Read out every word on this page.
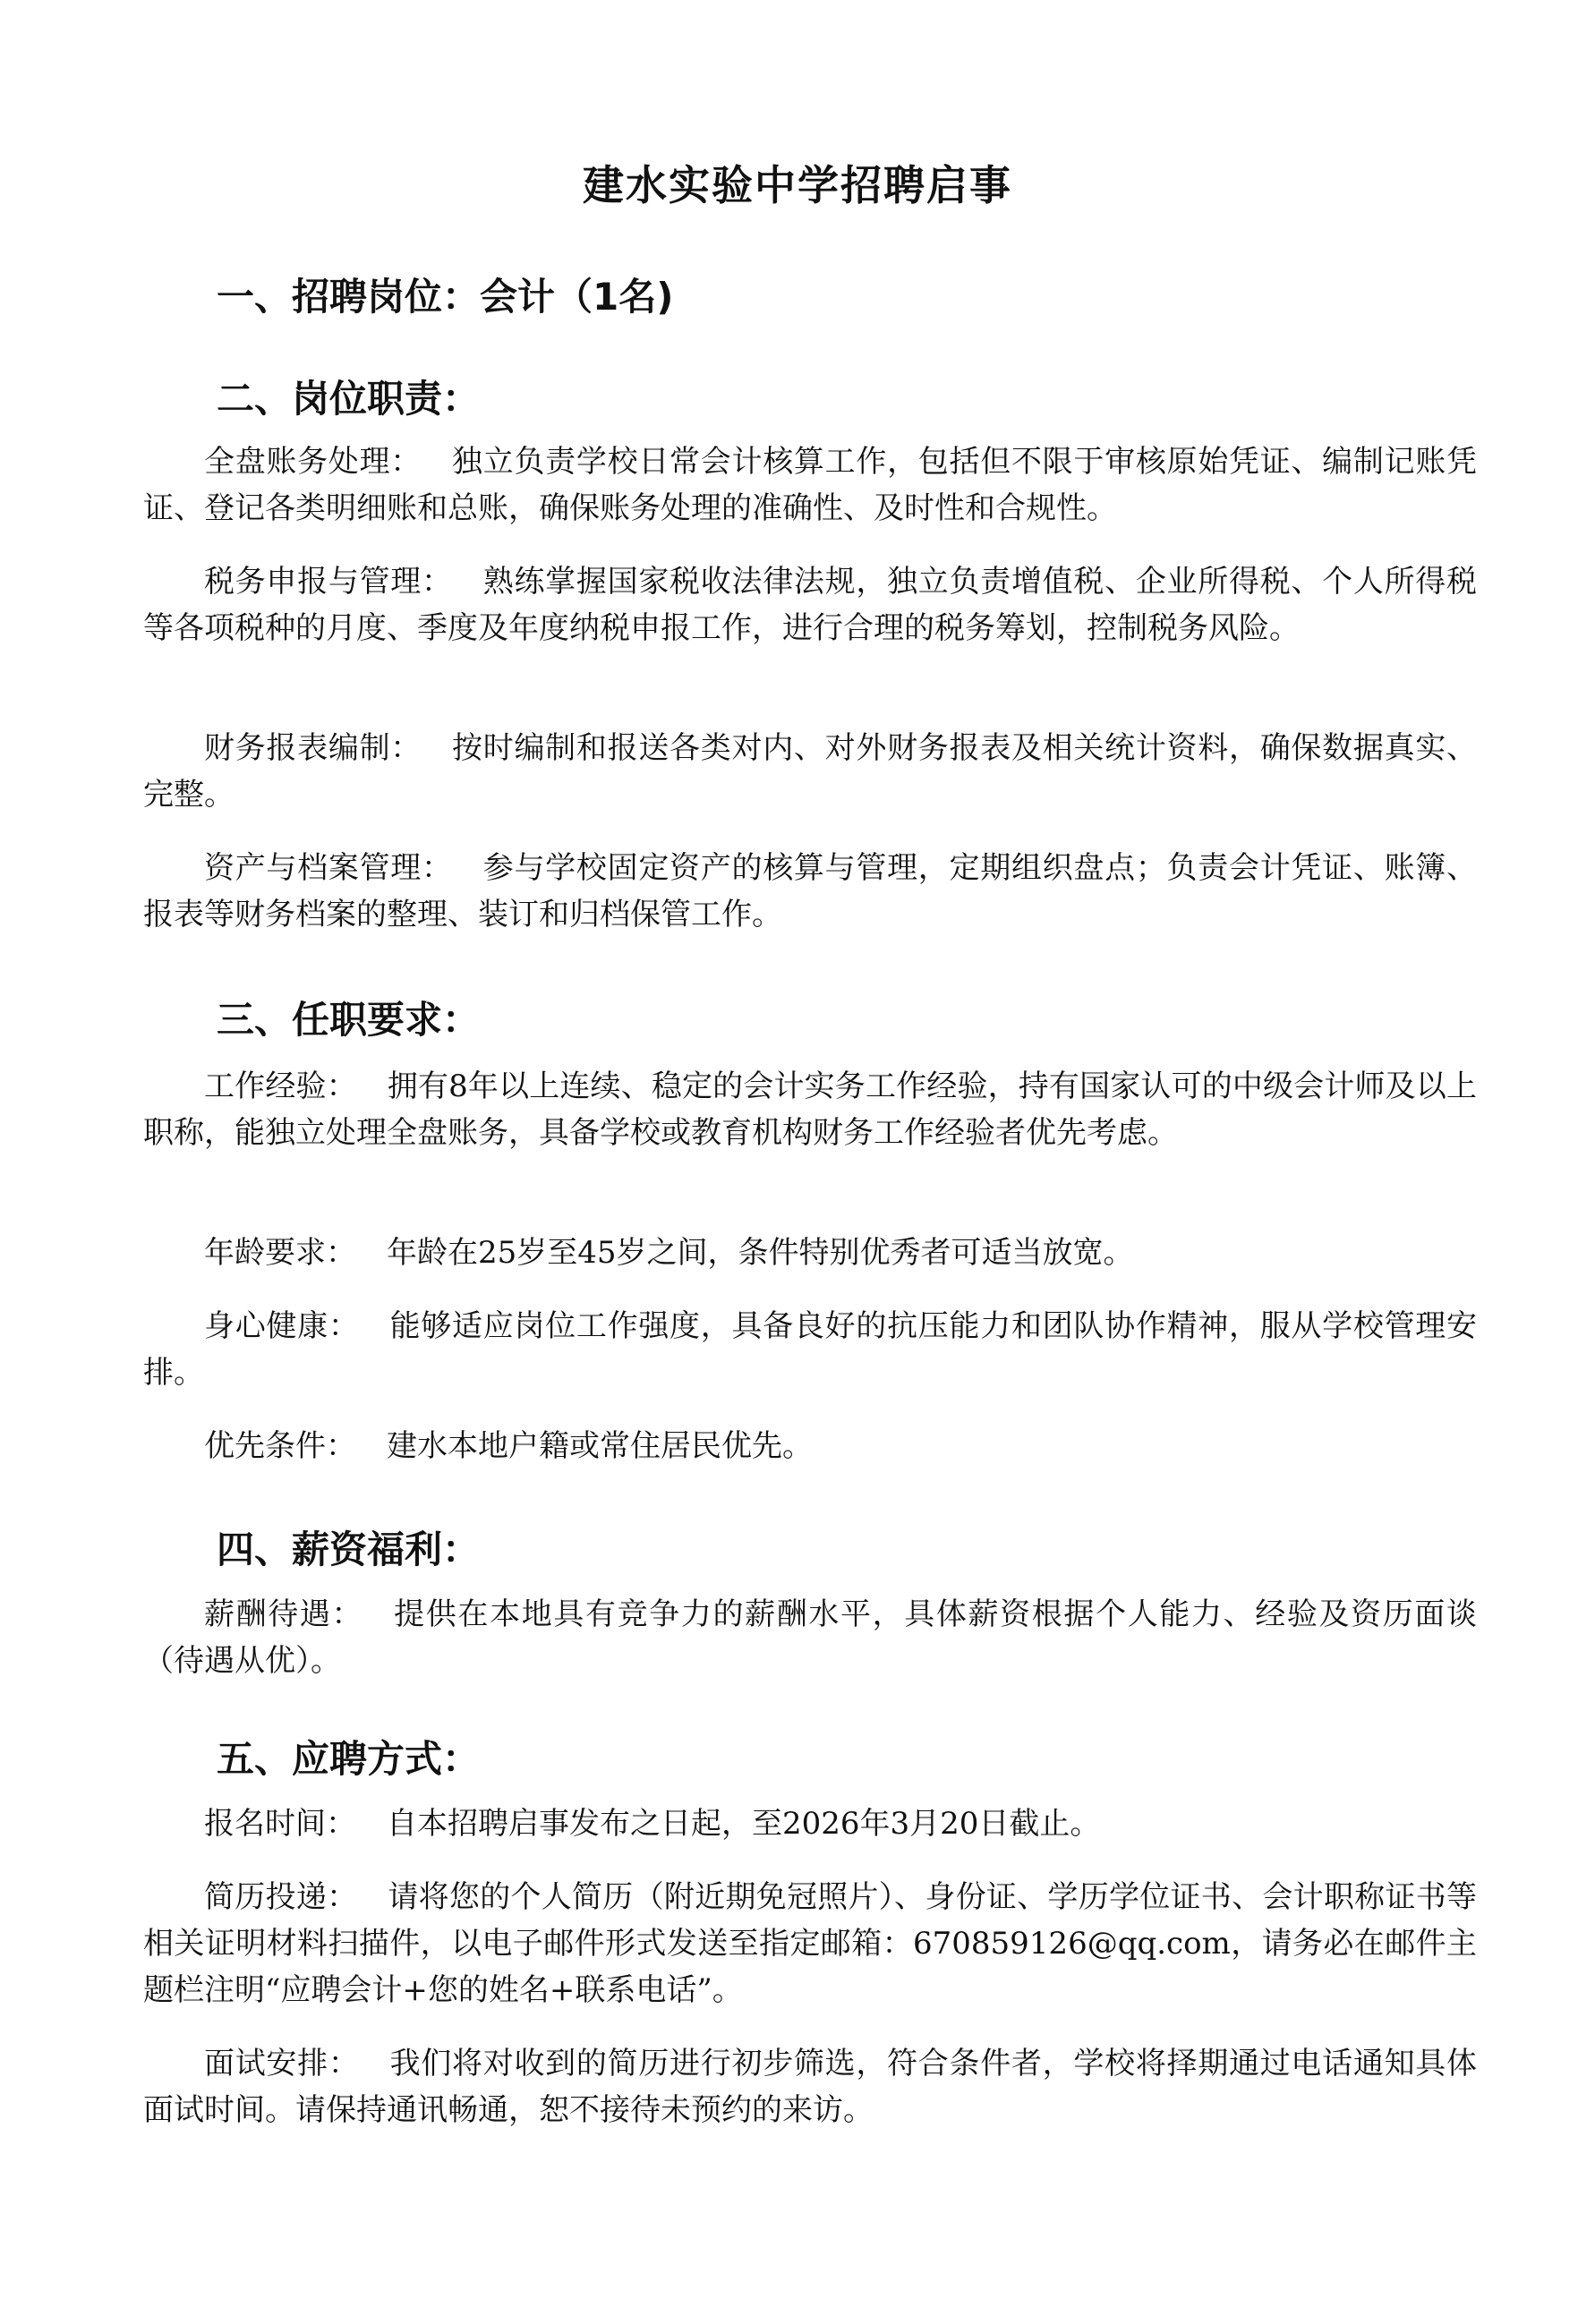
建水实验中学招聘启事
一、招聘岗位：会计（1名)
二、岗位职责：

全盘账务处理： 独立负责学校日常会计核算工作，包括但不限于审核原始凭证、编制记账凭证、登记各类明细账和总账，确保账务处理的准确性、及时性和合规性。

税务申报与管理： 熟练掌握国家税收法律法规，独立负责增值税、企业所得税、个人所得税等各项税种的月度、季度及年度纳税申报工作，进行合理的税务筹划，控制税务风险。

财务报表编制： 按时编制和报送各类对内、对外财务报表及相关统计资料，确保数据真实、完整。

资产与档案管理： 参与学校固定资产的核算与管理，定期组织盘点；负责会计凭证、账簿、报表等财务档案的整理、装订和归档保管工作。

三、任职要求：

工作经验： 拥有8年以上连续、稳定的会计实务工作经验，持有国家认可的中级会计师及以上职称，能独立处理全盘账务，具备学校或教育机构财务工作经验者优先考虑。

年龄要求： 年龄在25岁至45岁之间，条件特别优秀者可适当放宽。

身心健康： 能够适应岗位工作强度，具备良好的抗压能力和团队协作精神，服从学校管理安排。

优先条件： 建水本地户籍或常住居民优先。

四、薪资福利：

薪酬待遇： 提供在本地具有竞争力的薪酬水平，具体薪资根据个人能力、经验及资历面谈（待遇从优）。

五、应聘方式：

报名时间： 自本招聘启事发布之日起，至2026年3月20日截止。

简历投递： 请将您的个人简历（附近期免冠照片）、身份证、学历学位证书、会计职称证书等相关证明材料扫描件，以电子邮件形式发送至指定邮箱：670859126@qq.com，请务必在邮件主题栏注明“应聘会计+您的姓名+联系电话”。

面试安排： 我们将对收到的简历进行初步筛选，符合条件者，学校将择期通过电话通知具体面试时间。请保持通讯畅通，恕不接待未预约的来访。
